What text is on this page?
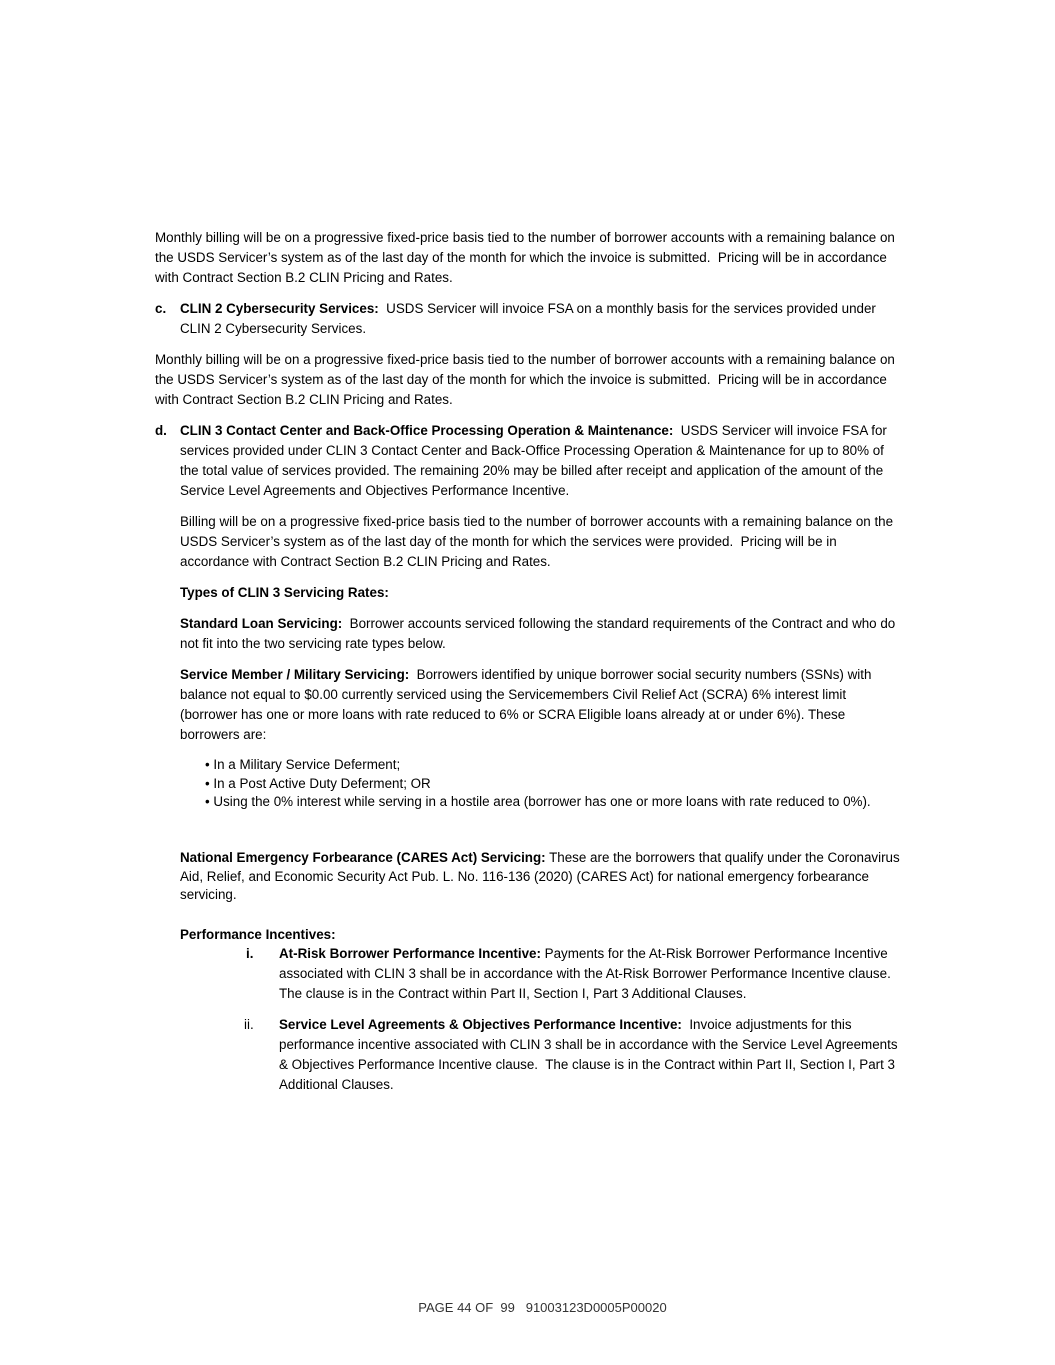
Monthly billing will be on a progressive fixed-price basis tied to the number of borrower accounts with a remaining balance on the USDS Servicer’s system as of the last day of the month for which the invoice is submitted.  Pricing will be in accordance with Contract Section B.2 CLIN Pricing and Rates.

c. CLIN 2 Cybersecurity Services:  USDS Servicer will invoice FSA on a monthly basis for the services provided under CLIN 2 Cybersecurity Services.

Monthly billing will be on a progressive fixed-price basis tied to the number of borrower accounts with a remaining balance on the USDS Servicer’s system as of the last day of the month for which the invoice is submitted.  Pricing will be in accordance with Contract Section B.2 CLIN Pricing and Rates.

d. CLIN 3 Contact Center and Back-Office Processing Operation & Maintenance:  USDS Servicer will invoice FSA for services provided under CLIN 3 Contact Center and Back-Office Processing Operation & Maintenance for up to 80% of the total value of services provided. The remaining 20% may be billed after receipt and application of the amount of the Service Level Agreements and Objectives Performance Incentive.

Billing will be on a progressive fixed-price basis tied to the number of borrower accounts with a remaining balance on the USDS Servicer’s system as of the last day of the month for which the services were provided.  Pricing will be in accordance with Contract Section B.2 CLIN Pricing and Rates.

Types of CLIN 3 Servicing Rates:

Standard Loan Servicing:  Borrower accounts serviced following the standard requirements of the Contract and who do not fit into the two servicing rate types below.

Service Member / Military Servicing:  Borrowers identified by unique borrower social security numbers (SSNs) with balance not equal to $0.00 currently serviced using the Servicemembers Civil Relief Act (SCRA) 6% interest limit (borrower has one or more loans with rate reduced to 6% or SCRA Eligible loans already at or under 6%). These borrowers are:

• In a Military Service Deferment;
• In a Post Active Duty Deferment; OR
• Using the 0% interest while serving in a hostile area (borrower has one or more loans with rate reduced to 0%).

National Emergency Forbearance (CARES Act) Servicing: These are the borrowers that qualify under the Coronavirus Aid, Relief, and Economic Security Act Pub. L. No. 116-136 (2020) (CARES Act) for national emergency forbearance servicing.

Performance Incentives:

i. At-Risk Borrower Performance Incentive: Payments for the At-Risk Borrower Performance Incentive associated with CLIN 3 shall be in accordance with the At-Risk Borrower Performance Incentive clause.  The clause is in the Contract within Part II, Section I, Part 3 Additional Clauses.

ii. Service Level Agreements & Objectives Performance Incentive:  Invoice adjustments for this performance incentive associated with CLIN 3 shall be in accordance with the Service Level Agreements & Objectives Performance Incentive clause.  The clause is in the Contract within Part II, Section I, Part 3 Additional Clauses.

PAGE 44 OF  99   91003123D0005P00020
